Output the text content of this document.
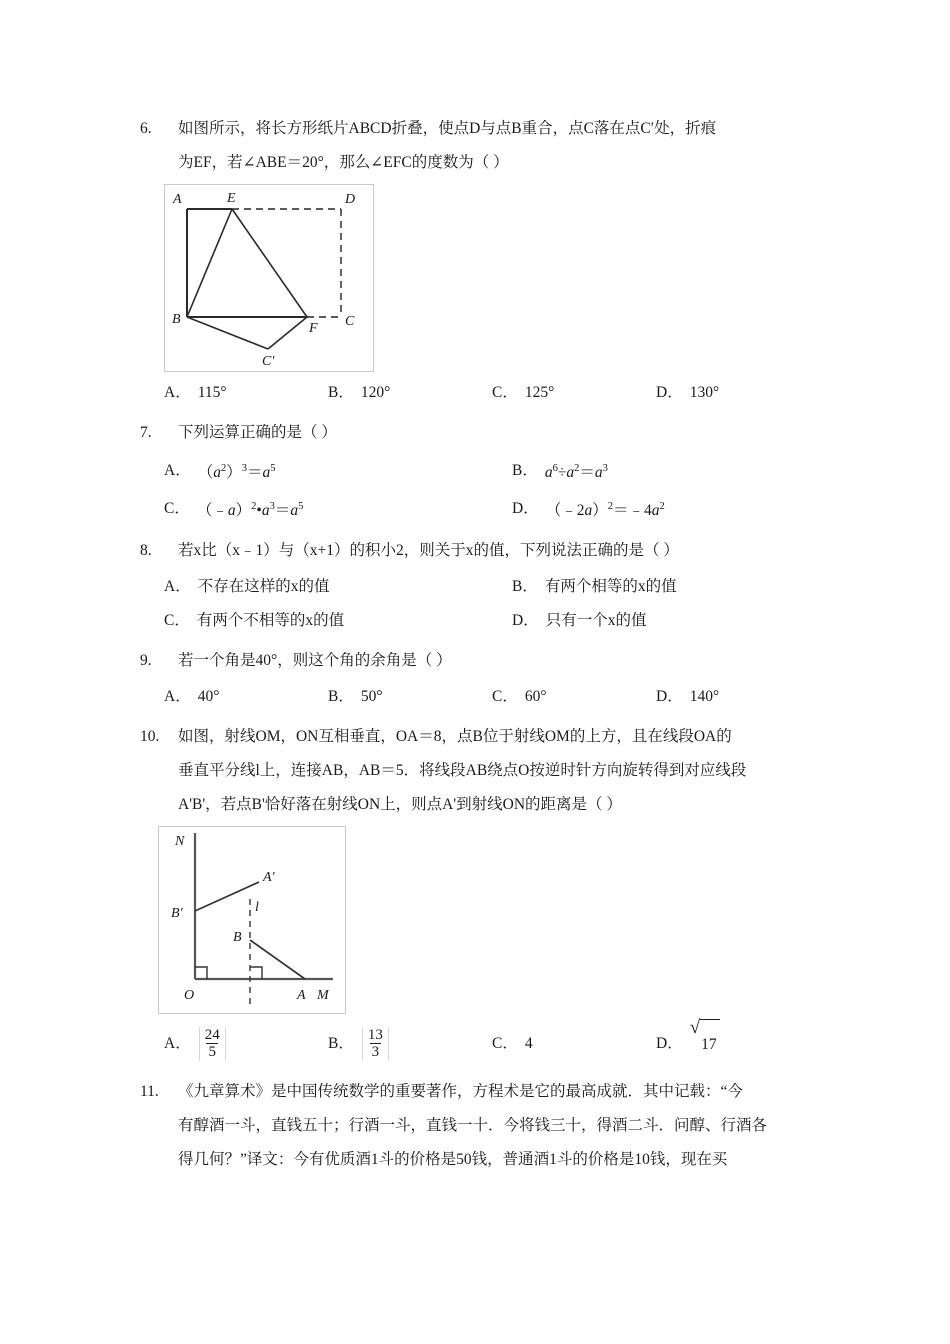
6.	如图所示，将长方形纸片ABCD折叠，使点D与点B重合，点C落在点C′处，折痕
为EF，若∠ABE＝20°，那么∠EFC的度数为（ ）
A	E	D
B
F C
C'
A． 115°	B． 120°	C． 125°	D． 130°
7.	下列运算正确的是（ ）
A． $(a^2)^3=a^5$	B． $a^6\div a^2=a^3$
C． $(﹣a)^2•a^3=a^5$	D． $(﹣2a)^2=﹣4a^2$
8.	若x比（x﹣1）与（x+1）的积小2，则关于x的值，下列说法正确的是（ ）
A． 不存在这样的x的值	B． 有两个相等的x的值
C． 有两个不相等的x的值	D． 只有一个x的值
9.	若一个角是40°，则这个角的余角是（ ）
A． 40°	B． 50°	C． 60°	D． 140°
10.	如图，射线OM，ON互相垂直，OA＝8，点B位于射线OM的上方，且在线段OA的
垂直平分线l上，连接AB，AB＝5．将线段AB绕点O按逆时针方向旋转得到对应线段
A'B'，若点B'恰好落在射线ON上，则点A'到射线ON的距离是（ ）
N
A′
B′	l
B
O	A M
A． $\frac{24}{5}$	B． $\frac{13}{3}$	C． 4	D．
√
17
11.	《九章算术》是中国传统数学的重要著作，方程术是它的最高成就．其中记载：“今
有醇酒一斗，直钱五十；行酒一斗，直钱一十．今将钱三十，得酒二斗．问醇、行酒各
得几何？”译文：今有优质酒1斗的价格是50钱，普通酒1斗的价格是10钱，现在买
